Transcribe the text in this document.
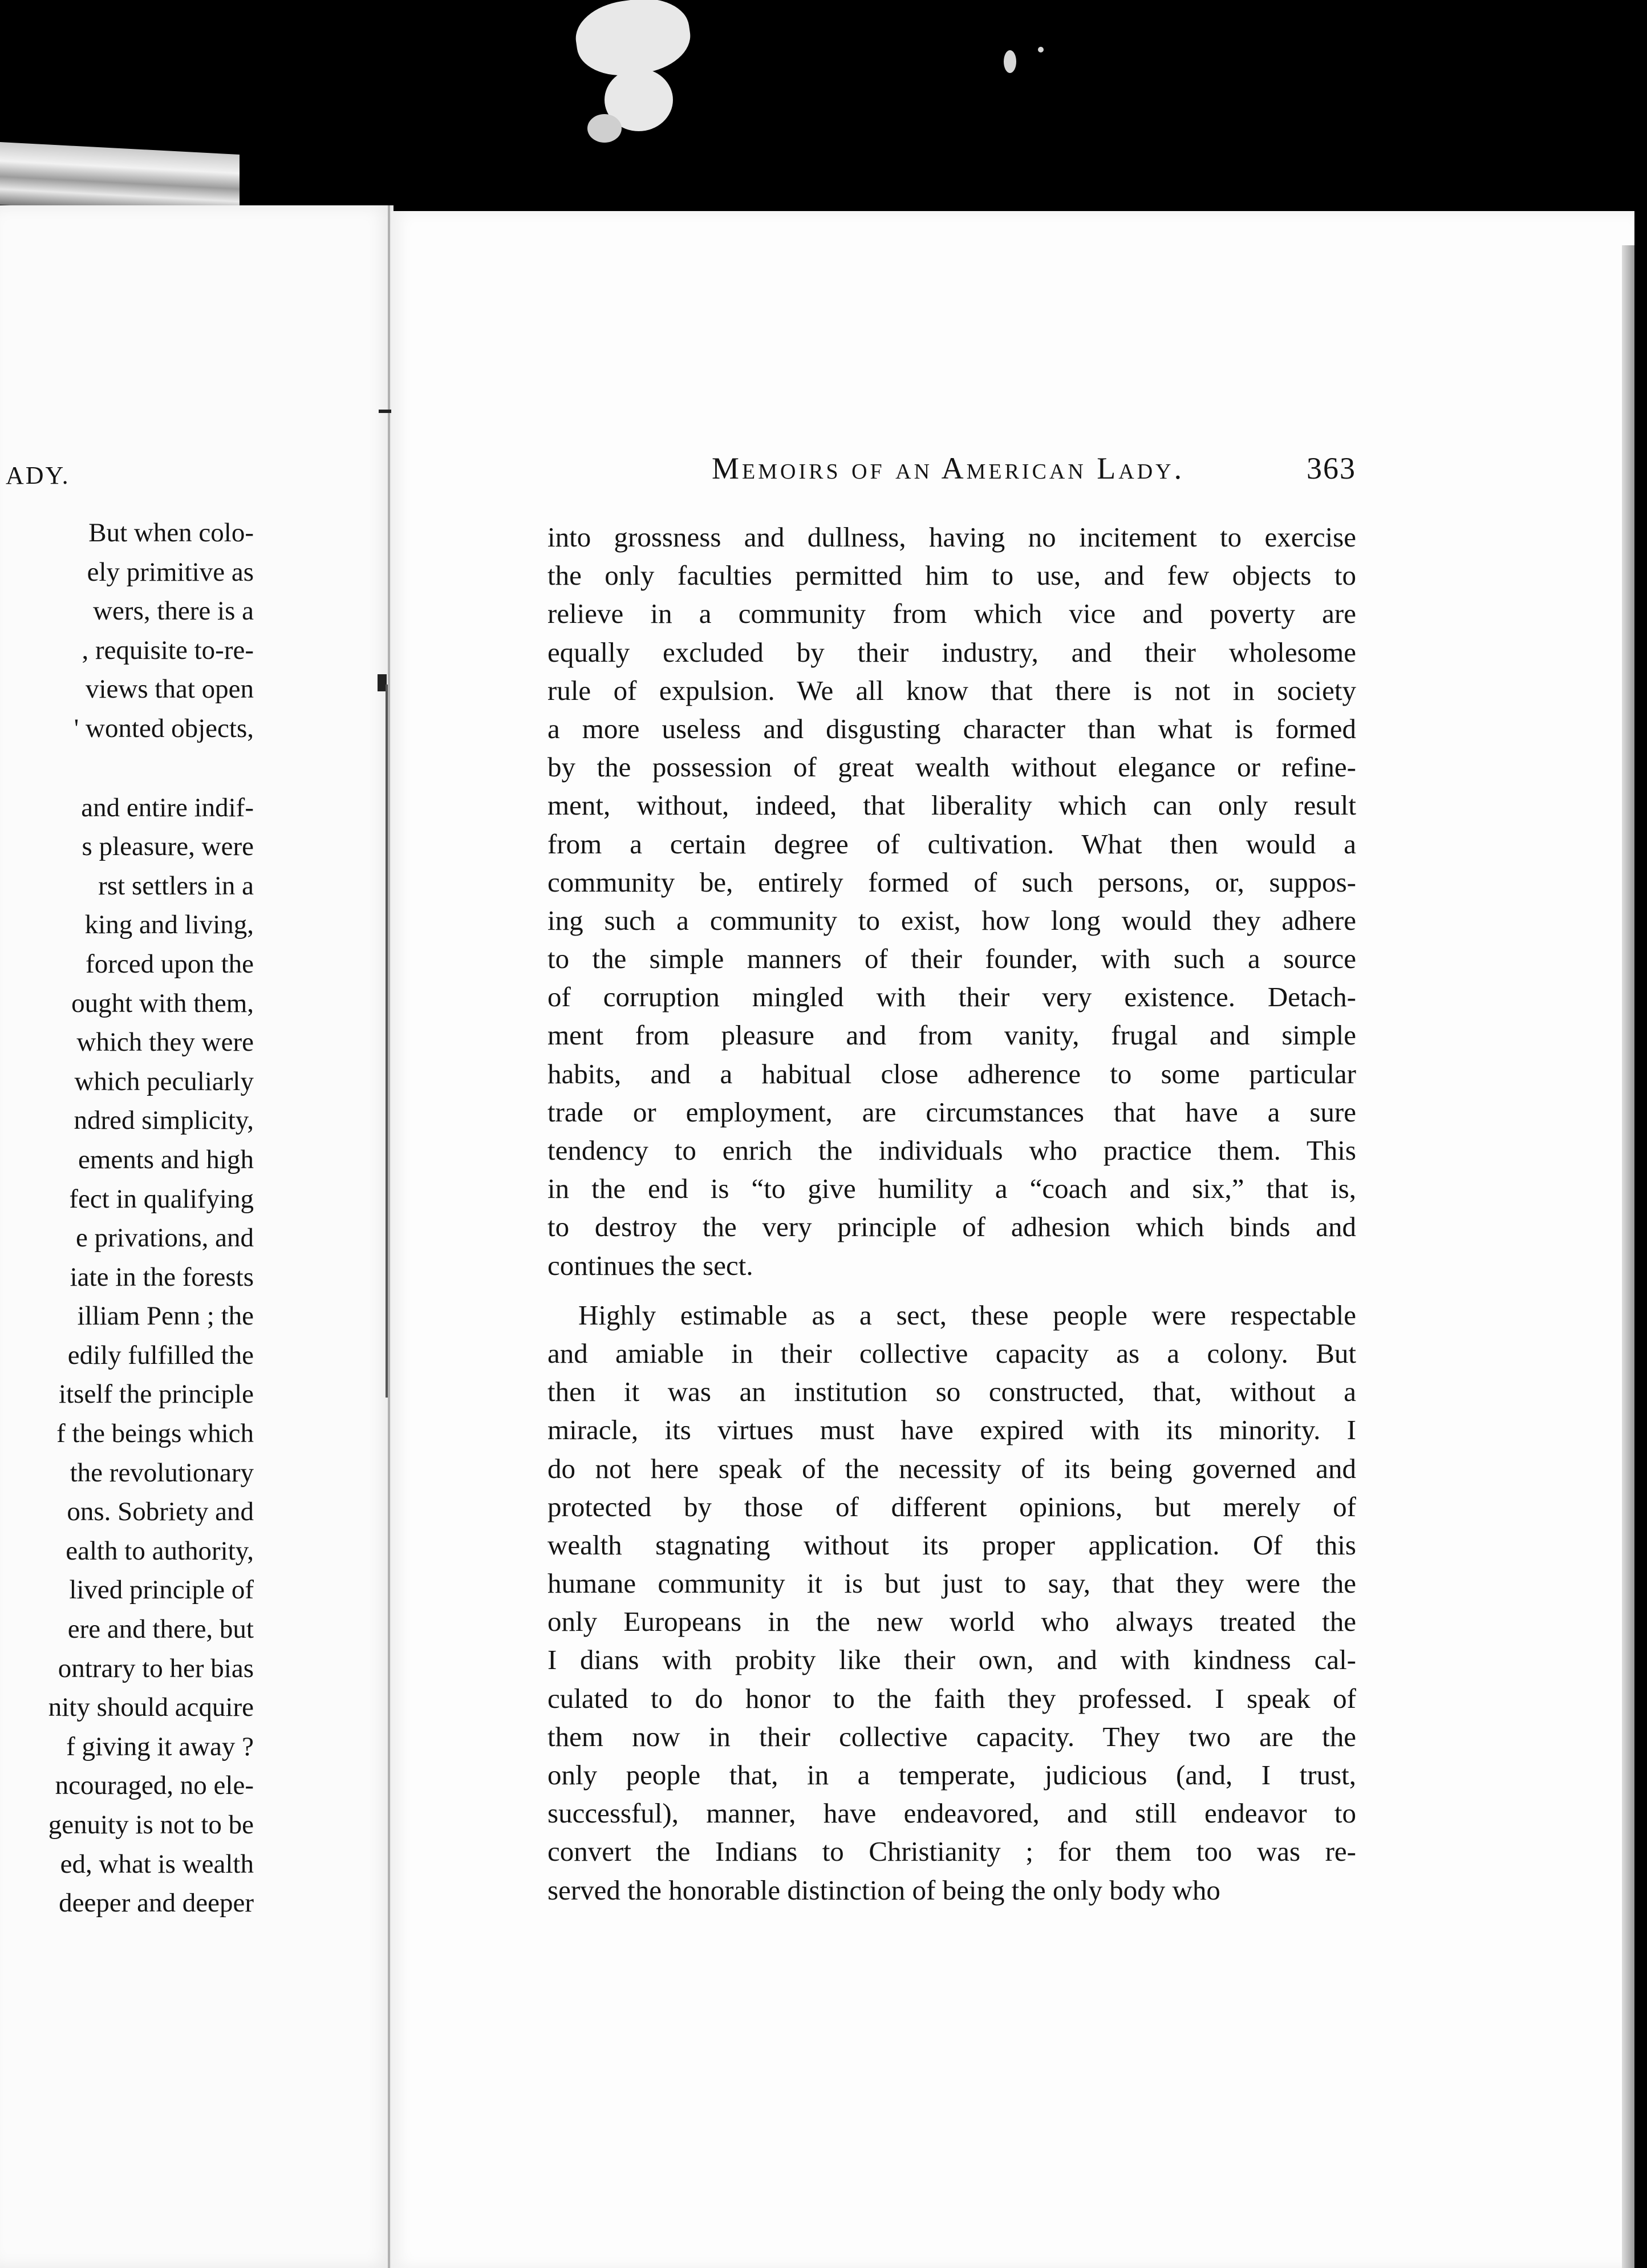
ADY.
But when colo-
ely primitive as
wers, there is a
, requisite to-re-
views that open
' wonted objects,
and entire indif-
s pleasure, were
rst settlers in a
king and living,
forced upon the
ought with them,
which they were
which peculiarly
ndred simplicity,
ements and high
fect in qualifying
e privations, and
iate in the forests
illiam Penn ; the
edily fulfilled the
itself the principle
f the beings which
the revolutionary
ons. Sobriety and
ealth to authority,
lived principle of
ere and there, but
ontrary to her bias
nity should acquire
f giving it away ?
ncouraged, no ele-
genuity is not to be
ed, what is wealth
deeper and deeper
Memoirs of an American Lady.	363
into grossness and dullness, having no incitement to exercise
the only faculties permitted him to use, and few objects to
relieve in a community from which vice and poverty are
equally excluded by their industry, and their wholesome
rule of expulsion. We all know that there is not in society
a more useless and disgusting character than what is formed
by the possession of great wealth without elegance or refine-
ment, without, indeed, that liberality which can only result
from a certain degree of cultivation. What then would a
community be, entirely formed of such persons, or, suppos-
ing such a community to exist, how long would they adhere
to the simple manners of their founder, with such a source
of corruption mingled with their very existence. Detach-
ment from pleasure and from vanity, frugal and simple
habits, and a habitual close adherence to some particular
trade or employment, are circumstances that have a sure
tendency to enrich the individuals who practice them. This
in the end is “to give humility a “coach and six,” that is,
to destroy the very principle of adhesion which binds and
continues the sect.
Highly estimable as a sect, these people were respectable
and amiable in their collective capacity as a colony. But
then it was an institution so constructed, that, without a
miracle, its virtues must have expired with its minority. I
do not here speak of the necessity of its being governed and
protected by those of different opinions, but merely of
wealth stagnating without its proper application. Of this
humane community it is but just to say, that they were the
only Europeans in the new world who always treated the
I dians with probity like their own, and with kindness cal-
culated to do honor to the faith they professed. I speak of
them now in their collective capacity. They two are the
only people that, in a temperate, judicious (and, I trust,
successful), manner, have endeavored, and still endeavor to
convert the Indians to Christianity ; for them too was re-
served the honorable distinction of being the only body who
